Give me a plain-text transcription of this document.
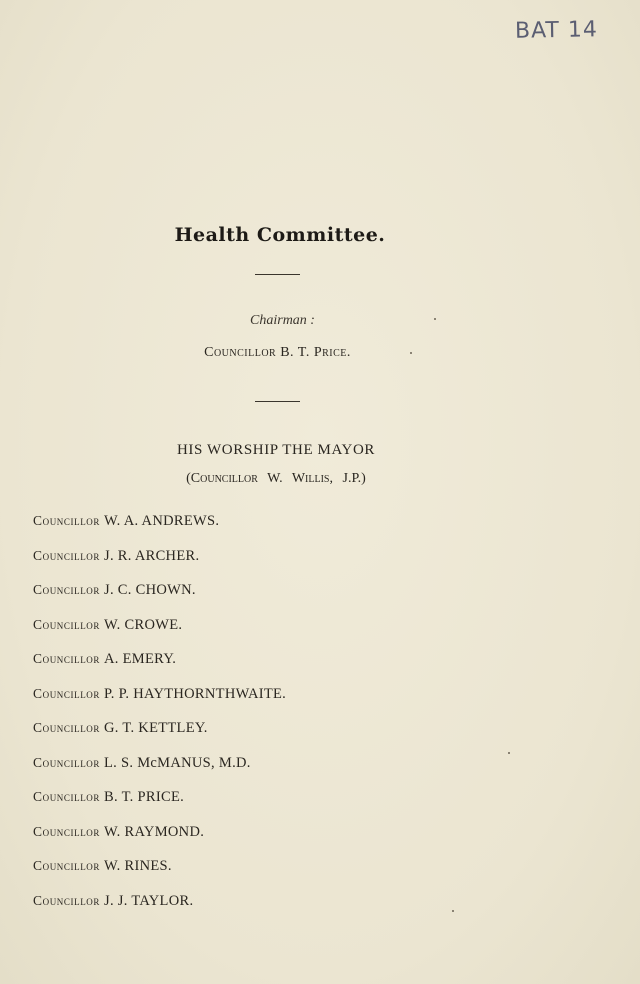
BAT 14
Health Committee.
Chairman :
Councillor B. T. Price.
HIS WORSHIP THE MAYOR
(Councillor W. Willis, J.P.)
Councillor W. A. ANDREWS.
Councillor J. R. ARCHER.
Councillor J. C. CHOWN.
Councillor W. CROWE.
Councillor A. EMERY.
Councillor P. P. HAYTHORNTHWAITE.
Councillor G. T. KETTLEY.
Councillor L. S. McMANUS, M.D.
Councillor B. T. PRICE.
Councillor W. RAYMOND.
Councillor W. RINES.
Councillor J. J. TAYLOR.
